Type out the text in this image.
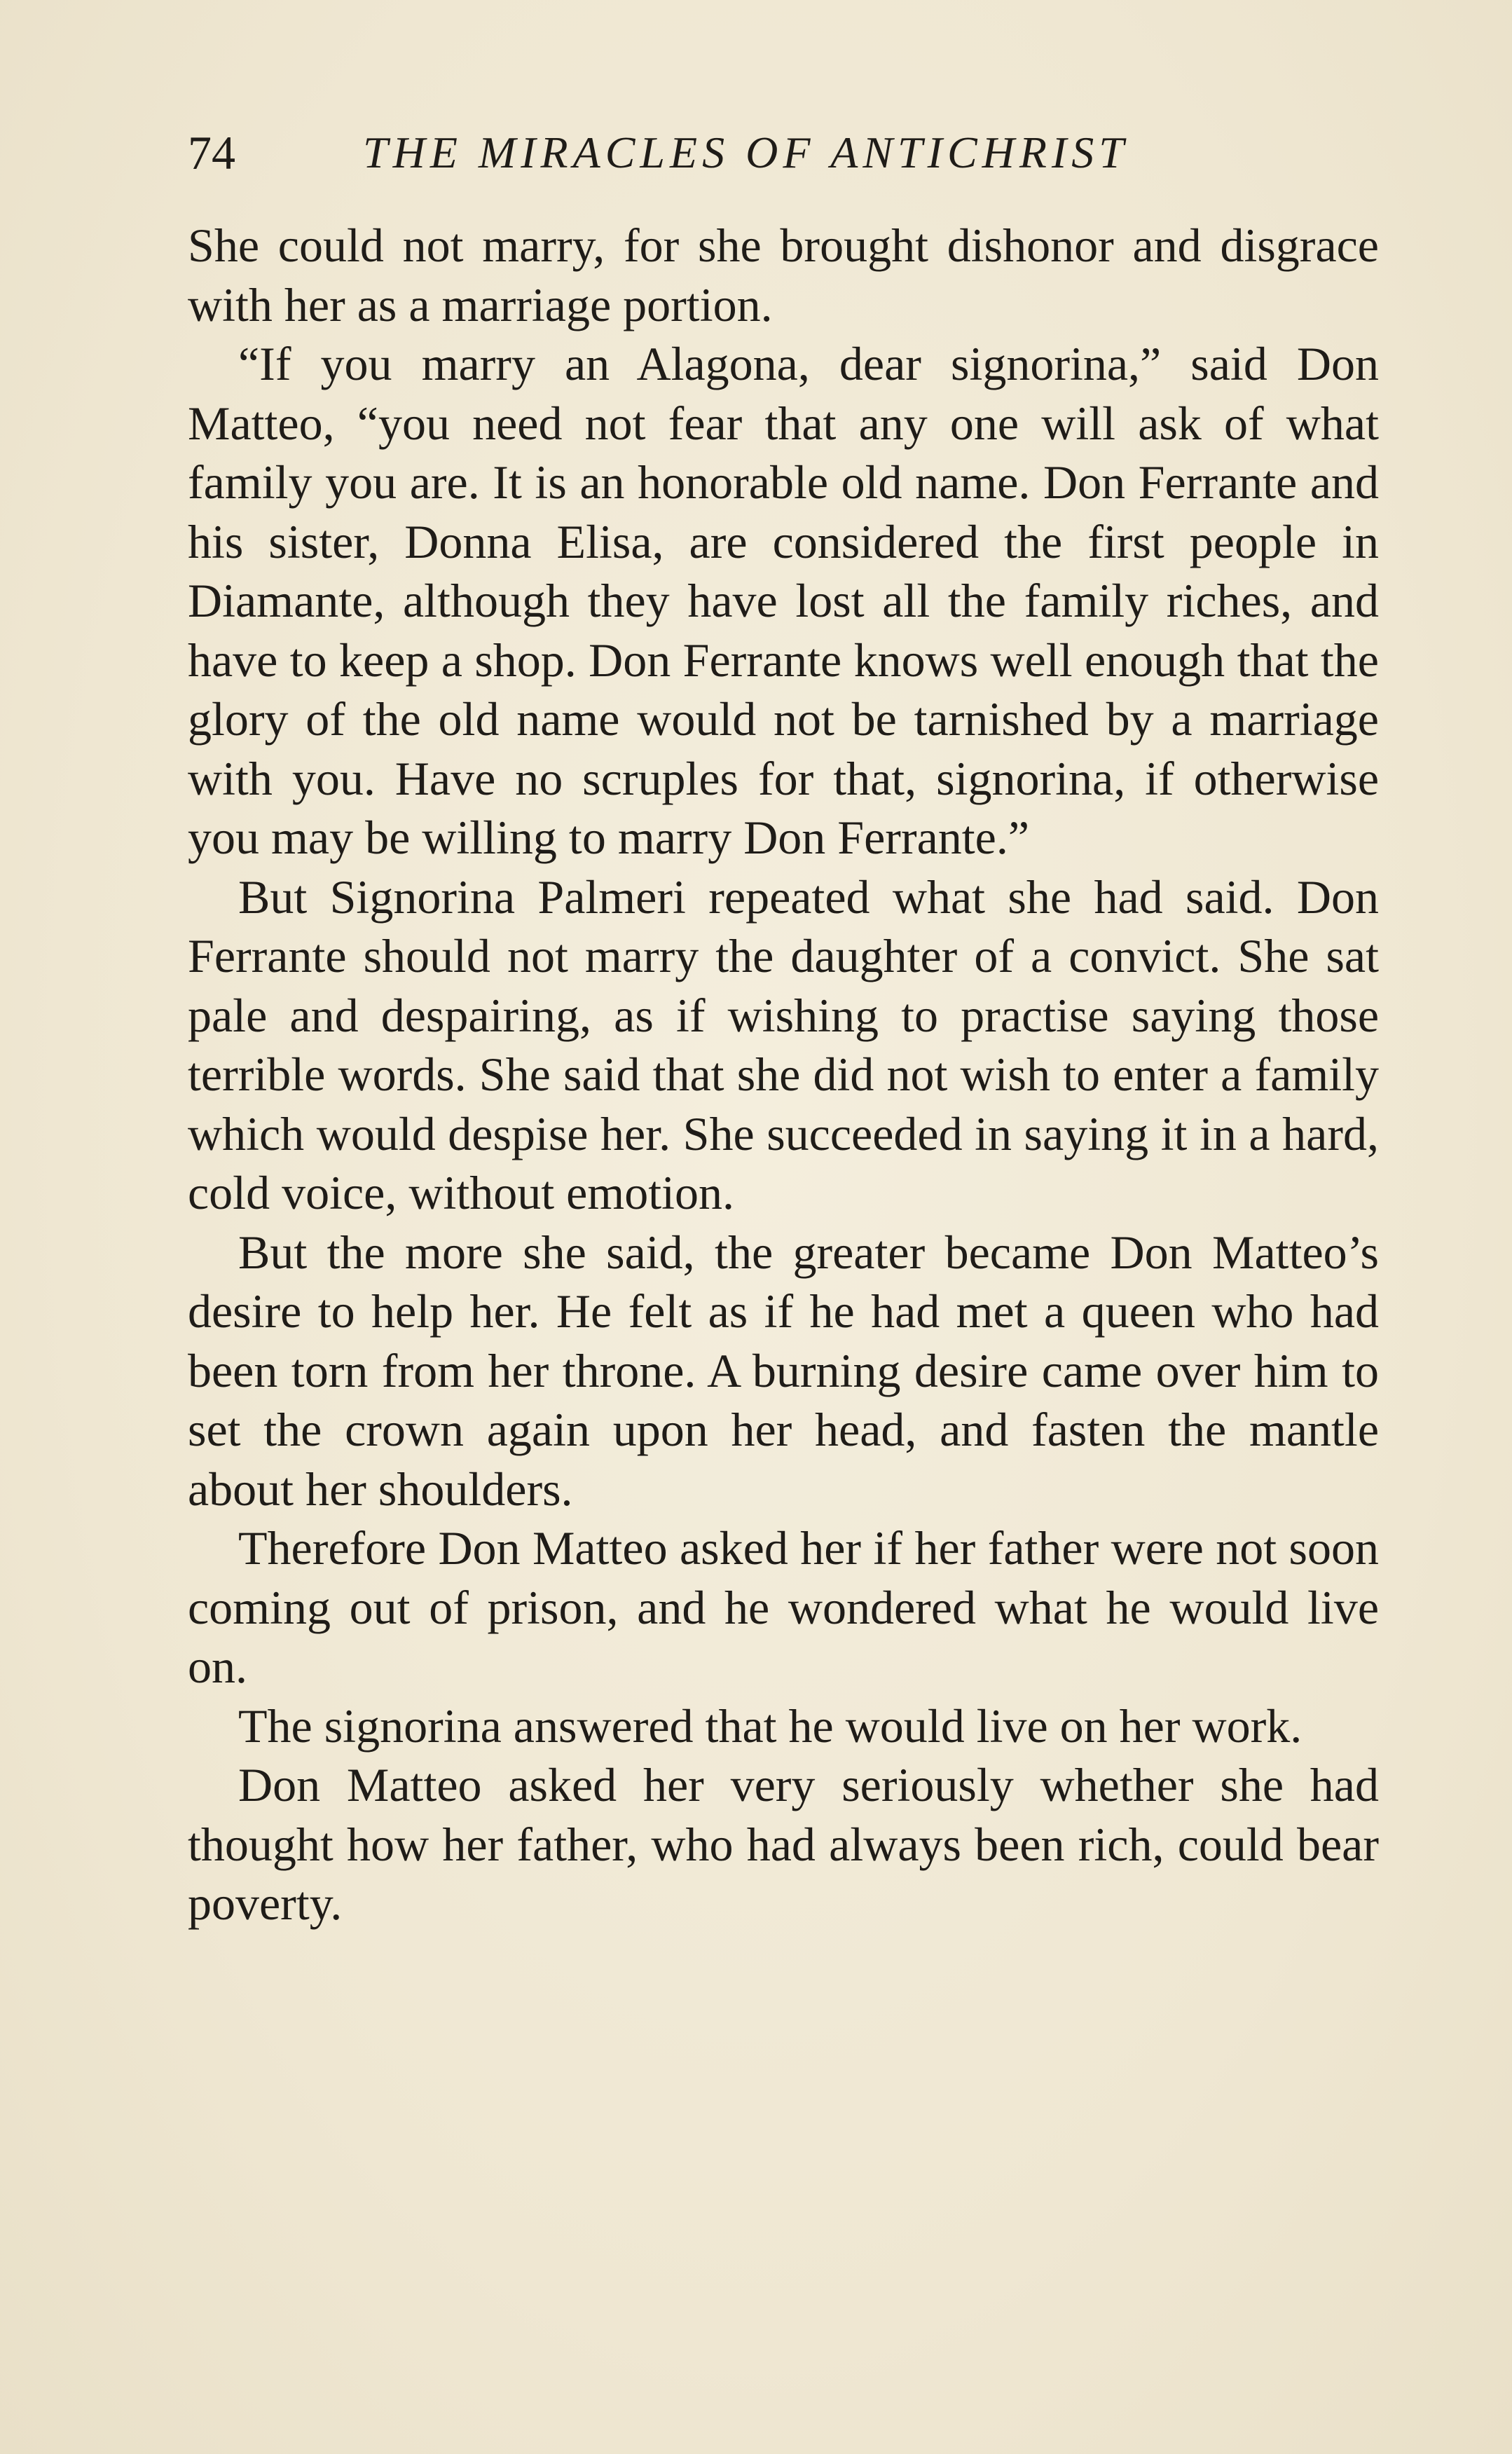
74	THE MIRACLES OF ANTICHRIST

She could not marry, for she brought dishonor and disgrace with her as a marriage portion.

“If you marry an Alagona, dear signorina,” said Don Matteo, “you need not fear that any one will ask of what family you are. It is an honorable old name. Don Ferrante and his sister, Donna Elisa, are considered the first people in Diamante, although they have lost all the family riches, and have to keep a shop. Don Ferrante knows well enough that the glory of the old name would not be tarnished by a marriage with you. Have no scruples for that, signorina, if otherwise you may be willing to marry Don Ferrante.”

But Signorina Palmeri repeated what she had said. Don Ferrante should not marry the daughter of a convict. She sat pale and despairing, as if wishing to practise saying those terrible words. She said that she did not wish to enter a family which would despise her. She succeeded in saying it in a hard, cold voice, without emotion.

But the more she said, the greater became Don Matteo’s desire to help her. He felt as if he had met a queen who had been torn from her throne. A burning desire came over him to set the crown again upon her head, and fasten the mantle about her shoulders.

Therefore Don Matteo asked her if her father were not soon coming out of prison, and he wondered what he would live on.

The signorina answered that he would live on her work.

Don Matteo asked her very seriously whether she had thought how her father, who had always been rich, could bear poverty.
